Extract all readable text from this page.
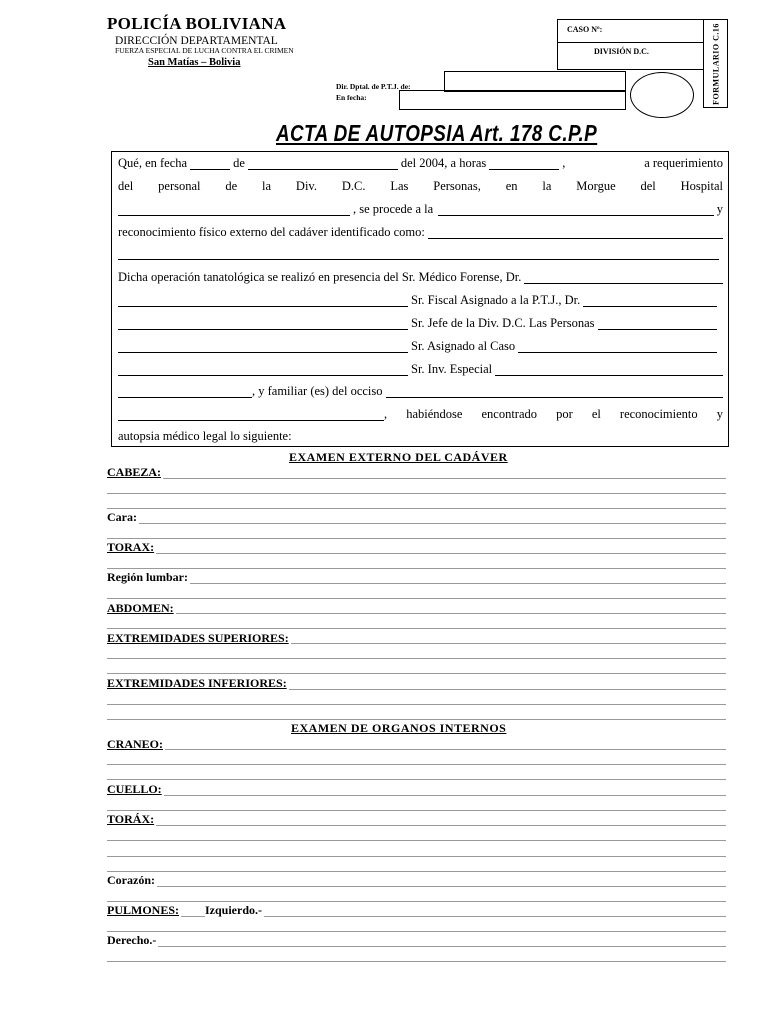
POLICÍA BOLIVIANA
DIRECCIÓN DEPARTAMENTAL
FUERZA ESPECIAL DE LUCHA CONTRA EL CRIMEN
San Matías – Bolivia
CASO Nº:
DIVISIÓN D.C.	FORMULARIO C.16
Dir. Dptal. de P.T.J. de:
En fecha:
ACTA DE AUTOPSIA Art. 178 C.P.P
Qué, en fecha	de	del 2004, a horas	,	a requerimiento
del personal de la Div. D.C. Las Personas, en la Morgue del Hospital
, se procede a la	y
reconocimiento físico externo del cadáver identificado como:
Dicha operación tanatológica se realizó en presencia del Sr. Médico Forense, Dr.
Sr. Fiscal Asignado a la P.T.J., Dr.
Sr. Jefe de la Div. D.C. Las Personas
Sr. Asignado al Caso
Sr. Inv. Especial
, y familiar (es) del occiso
, habiéndose encontrado por el reconocimiento y
autopsia médico legal lo siguiente:
EXAMEN EXTERNO DEL CADÁVER
CABEZA:
Cara:
TORAX:
Región lumbar:
ABDOMEN:
EXTREMIDADES SUPERIORES:
EXTREMIDADES INFERIORES:
EXAMEN DE ORGANOS INTERNOS
CRANEO:
CUELLO:
TORÁX:
Corazón:
PULMONES: Izquierdo.-
Derecho.-
